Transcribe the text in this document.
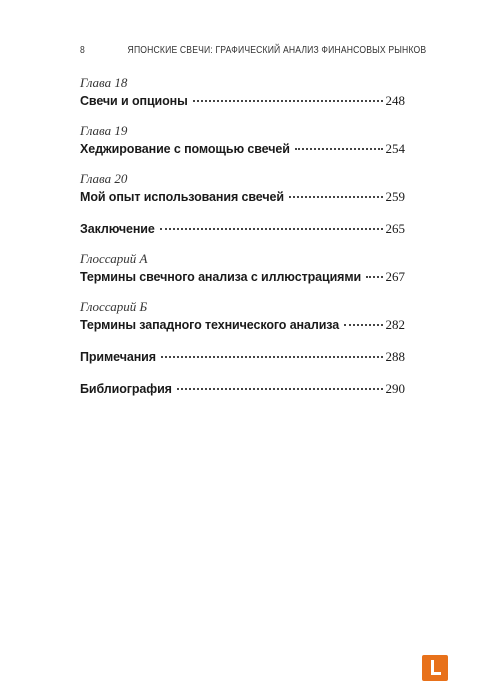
8	ЯПОНСКИЕ СВЕЧИ: ГРАФИЧЕСКИЙ АНАЛИЗ ФИНАНСОВЫХ РЫНКОВ
Глава 18
Свечи и опционы	248
Глава 19
Хеджирование с помощью свечей	254
Глава 20
Мой опыт использования свечей	259
Заключение	265
Глоссарий А
Термины свечного анализа с иллюстрациями 267
Глоссарий Б
Термины западного технического анализа	282
Примечания	288
Библиография	290
